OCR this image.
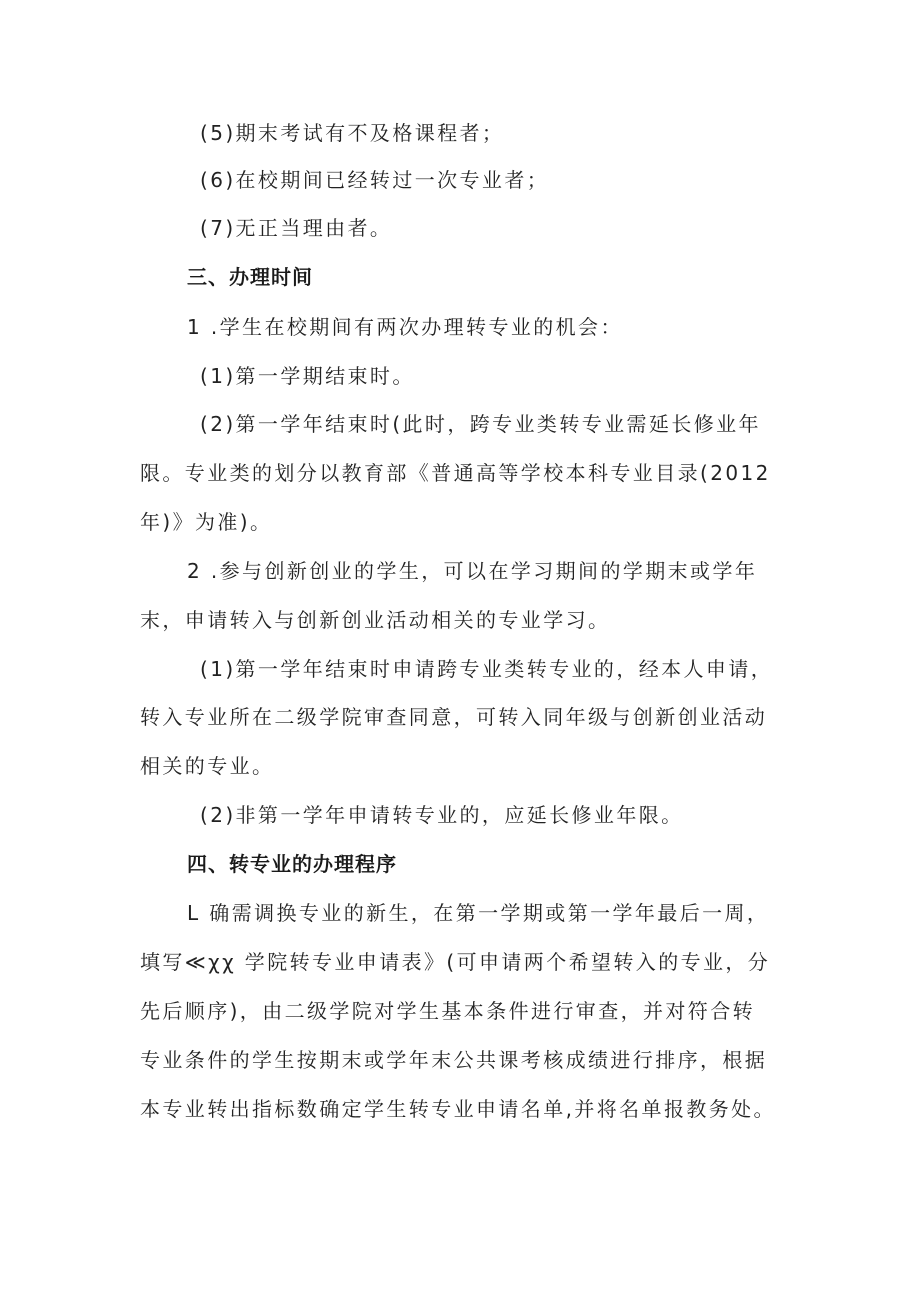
(5)期末考试有不及格课程者；
(6)在校期间已经转过一次专业者；
(7)无正当理由者。
三、办理时间
1 .学生在校期间有两次办理转专业的机会：
(1)第一学期结束时。
(2)第一学年结束时(此时，跨专业类转专业需延长修业年
限。专业类的划分以教育部《普通高等学校本科专业目录(2012
年)》为准)。
2 .参与创新创业的学生，可以在学习期间的学期末或学年
末，申请转入与创新创业活动相关的专业学习。
(1)第一学年结束时申请跨专业类转专业的，经本人申请，
转入专业所在二级学院审查同意，可转入同年级与创新创业活动
相关的专业。
(2)非第一学年申请转专业的，应延长修业年限。
四、转专业的办理程序
L 确需调换专业的新生，在第一学期或第一学年最后一周，
填写≪χχ 学院转专业申请表》(可申请两个希望转入的专业，分
先后顺序)，由二级学院对学生基本条件进行审查，并对符合转
专业条件的学生按期末或学年末公共课考核成绩进行排序，根据
本专业转出指标数确定学生转专业申请名单,并将名单报教务处。
